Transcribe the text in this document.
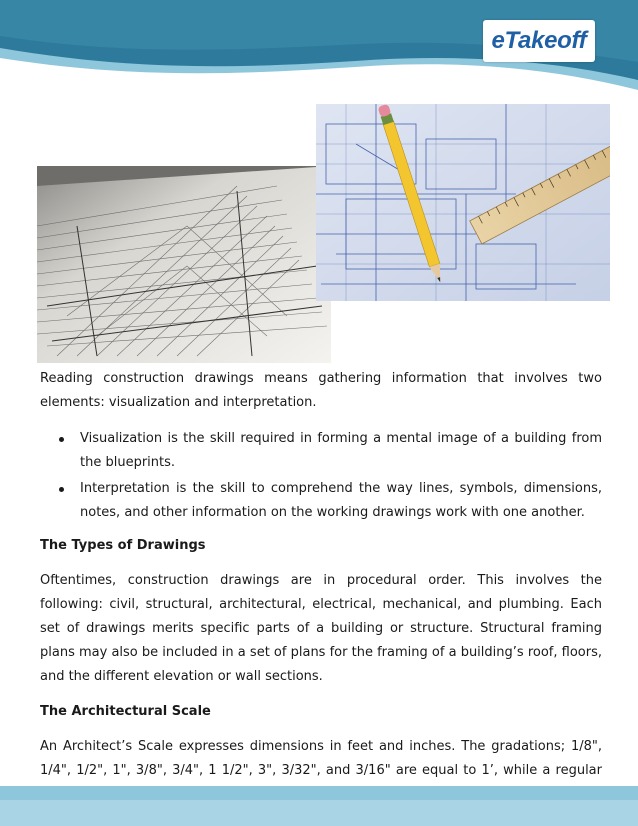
eTakeoff

Reading construction drawings means gathering information that involves two elements: visualization and interpretation.

Visualization is the skill required in forming a mental image of a building from the blueprints.
Interpretation is the skill to comprehend the way lines, symbols, dimensions, notes, and other information on the working drawings work with one another.
The Types of Drawings

Oftentimes, construction drawings are in procedural order. This involves the following: civil, structural, architectural, electrical, mechanical, and plumbing. Each set of drawings merits specific parts of a building or structure. Structural framing plans may also be included in a set of plans for the framing of a building’s roof, floors, and the different elevation or wall sections.

The Architectural Scale

An Architect’s Scale expresses dimensions in feet and inches. The gradations; 1/8", 1/4", 1/2", 1", 3/8", 3/4", 1 1/2", 3", 3/32", and 3/16" are equal to 1’, while a regular
